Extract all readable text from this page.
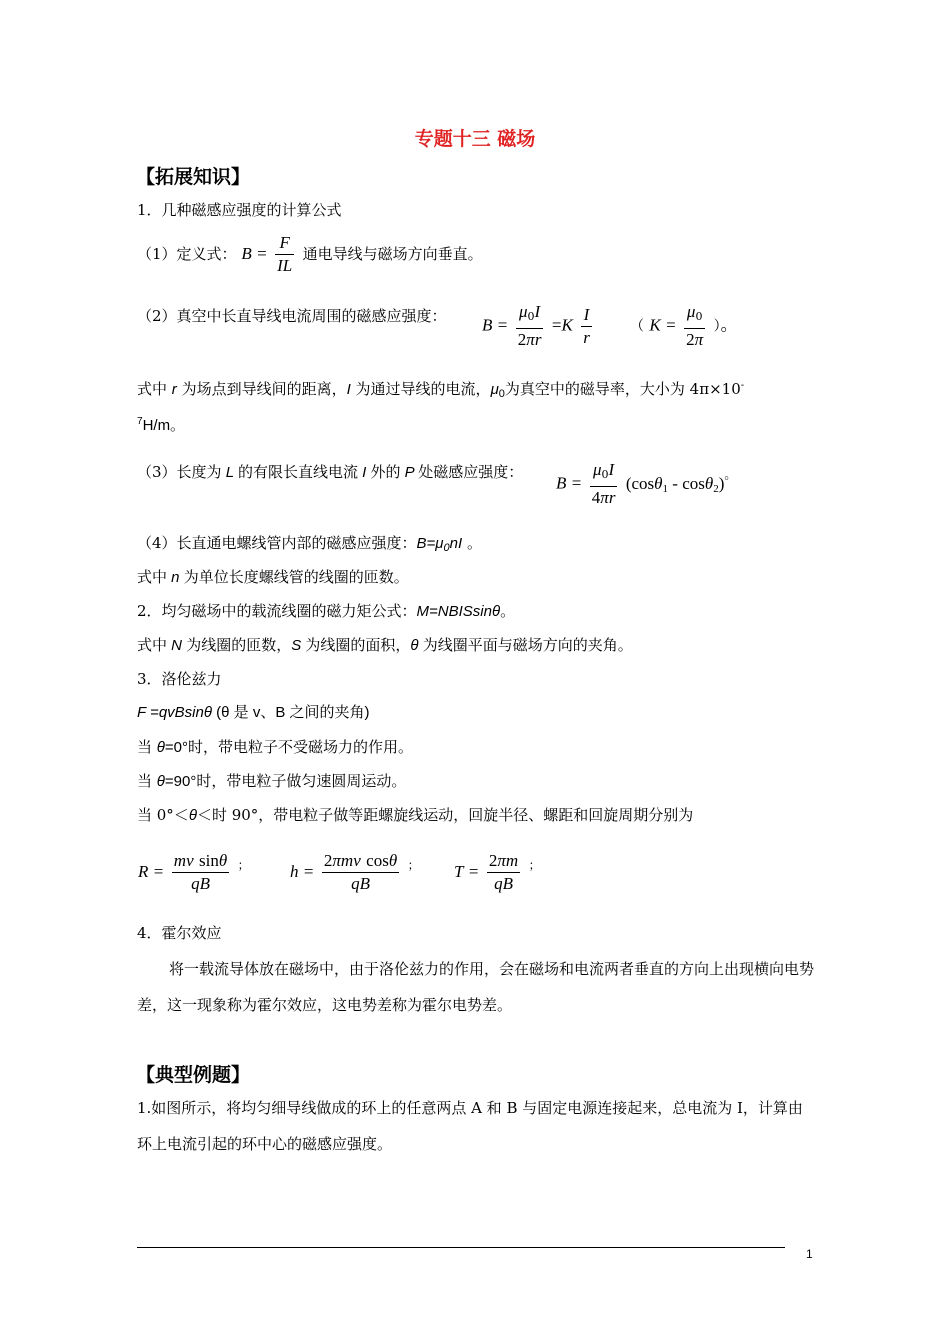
专题十三 磁场
【拓展知识】
1．几种磁感应强度的计算公式
（1）定义式： $B = \frac{F}{IL}$ 通电导线与磁场方向垂直。
（2）真空中长直导线电流周围的磁感应强度： $B = \frac{\mu_0I}{2\pi r} =K \frac{I}{r}$	（ $K = \frac{\mu_0}{2\pi}$ ）。
式中 r 为场点到导线间的距离，I 为通过导线的电流，$\mu_0$为真空中的磁导率，大小为 4π×10-
$^7$H/m。
（3）长度为 L 的有限长直线电流 I 外的 P 处磁感应强度：
$B = \frac{\mu_0I}{4\pi r} (\cos\theta_1 - \cos\theta_2)^。$
（4）长直通电螺线管内部的磁感应强度：$B=\mu_0nI$ 。
式中 n 为单位长度螺线管的线圈的匝数。
2．均匀磁场中的载流线圈的磁力矩公式：M=NBISsinθ。
式中 N 为线圈的匝数，S 为线圈的面积，θ 为线圈平面与磁场方向的夹角。
3．洛伦兹力
F =qvBsinθ (θ 是 v、B 之间的夹角)
当 θ=0°时，带电粒子不受磁场力的作用。
当 θ=90°时，带电粒子做匀速圆周运动。
当 0°＜θ＜时 90°，带电粒子做等距螺旋线运动，回旋半径、螺距和回旋周期分别为
$R = \frac{\text{mv sinθ}}{qB} ^;$ $h = \frac{\text{2πmv cosθ}}{qB} ^;$ $T = \frac{2\pi m}{qB} ^;$
4．霍尔效应
将一载流导体放在磁场中，由于洛伦兹力的作用，会在磁场和电流两者垂直的方向上出现横向电势差，这一现象称为霍尔效应，这电势差称为霍尔电势差。
【典型例题】
1.如图所示，将均匀细导线做成的环上的任意两点 A 和 B 与固定电源连接起来，总电流为 I，计算由环上电流引起的环中心的磁感应强度。
1
